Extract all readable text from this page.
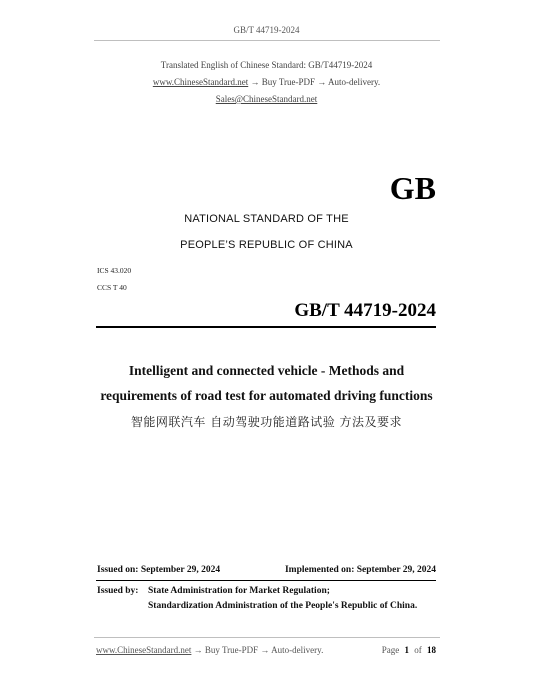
GB/T 44719-2024
Translated English of Chinese Standard: GB/T44719-2024
www.ChineseStandard.net → Buy True-PDF → Auto-delivery.
Sales@ChineseStandard.net
GB
NATIONAL STANDARD OF THE
PEOPLE’S REPUBLIC OF CHINA
ICS 43.020
CCS T 40
GB/T 44719-2024
Intelligent and connected vehicle - Methods and
requirements of road test for automated driving functions
智能网联汽车 自动驾驶功能道路试验 方法及要求
Issued on: September 29, 2024	Implemented on: September 29, 2024
Issued by: State Administration for Market Regulation;
Standardization Administration of the People's Republic of China.
www.ChineseStandard.net → Buy True-PDF → Auto-delivery.	Page 1 of 18
